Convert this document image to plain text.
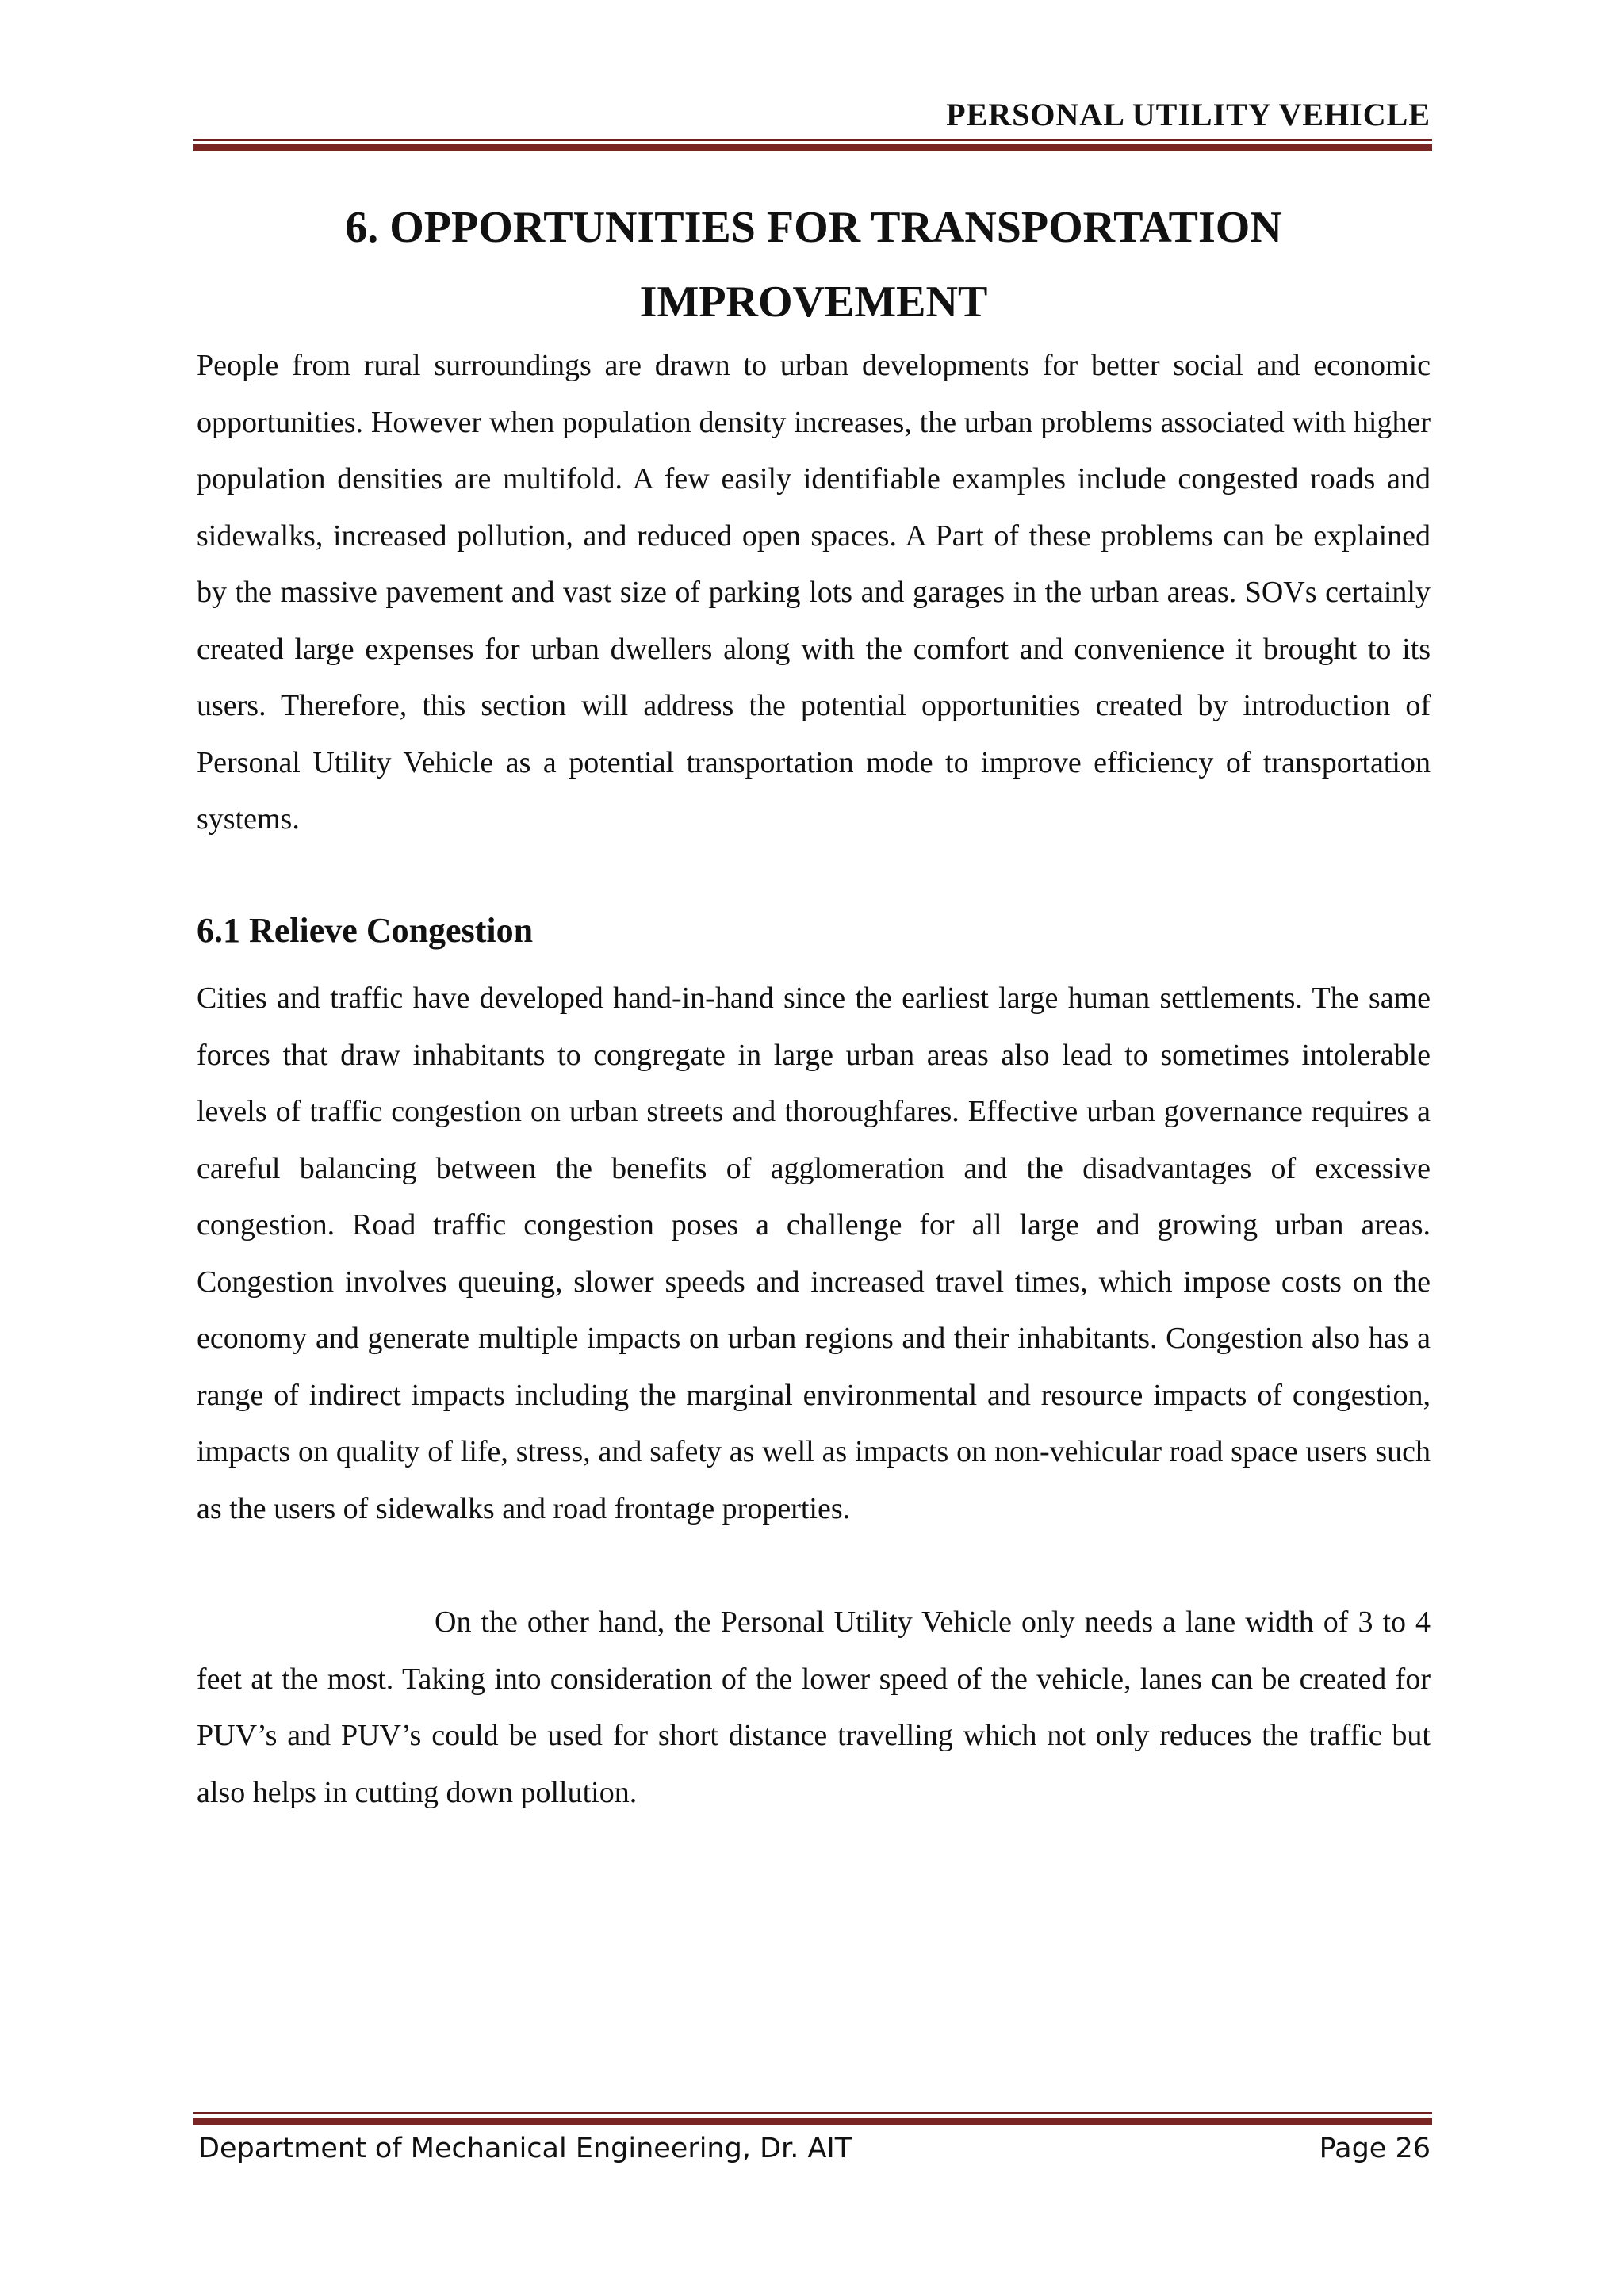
PERSONAL UTILITY VEHICLE
6. OPPORTUNITIES FOR TRANSPORTATION
IMPROVEMENT
People from rural surroundings are drawn to urban developments for better social and economic opportunities. However when population density increases, the urban problems associated with higher population densities are multifold. A few easily identifiable examples include congested roads and sidewalks, increased pollution, and reduced open spaces. A Part of these problems can be explained by the massive pavement and vast size of parking lots and garages in the urban areas. SOVs certainly created large expenses for urban dwellers along with the comfort and convenience it brought to its users. Therefore, this section will address the potential opportunities created by introduction of Personal Utility Vehicle as a potential transportation mode to improve efficiency of transportation systems.
6.1 Relieve Congestion
Cities and traffic have developed hand-in-hand since the earliest large human settlements. The same forces that draw inhabitants to congregate in large urban areas also lead to sometimes intolerable levels of traffic congestion on urban streets and thoroughfares. Effective urban governance requires a careful balancing between the benefits of agglomeration and the disadvantages of excessive congestion. Road traffic congestion poses a challenge for all large and growing urban areas. Congestion involves queuing, slower speeds and increased travel times, which impose costs on the economy and generate multiple impacts on urban regions and their inhabitants. Congestion also has a range of indirect impacts including the marginal environmental and resource impacts of congestion, impacts on quality of life, stress, and safety as well as impacts on non-vehicular road space users such as the users of sidewalks and road frontage properties.
On the other hand, the Personal Utility Vehicle only needs a lane width of 3 to 4 feet at the most. Taking into consideration of the lower speed of the vehicle, lanes can be created for PUV’s and PUV’s could be used for short distance travelling which not only reduces the traffic but also helps in cutting down pollution.
Department of Mechanical Engineering, Dr. AIT	Page 26
